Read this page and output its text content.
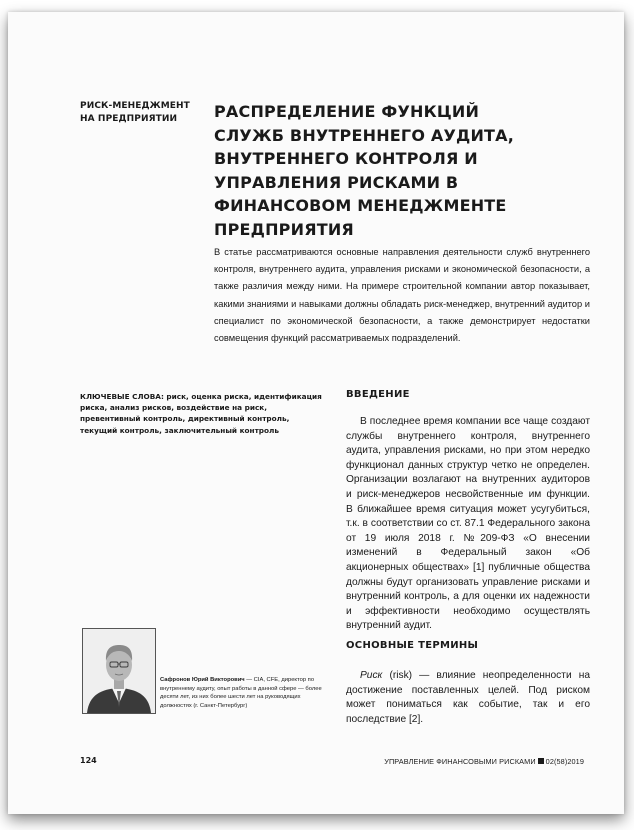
РИСК-МЕНЕДЖМЕНТ
НА ПРЕДПРИЯТИИ	РАСПРЕДЕЛЕНИЕ ФУНКЦИЙ СЛУЖБ ВНУТРЕННЕГО АУДИТА, ВНУТРЕННЕГО КОНТРОЛЯ И УПРАВЛЕНИЯ РИСКАМИ В ФИНАНСОВОМ МЕНЕДЖМЕНТЕ ПРЕДПРИЯТИЯ

В статье рассматриваются основные направления деятельности служб внутреннего контроля, внутреннего аудита, управления рисками и экономической безопасности, а также различия между ними. На примере строительной компании автор показывает, какими знаниями и навыками должны обладать риск-менеджер, внутренний аудитор и специалист по экономической безопасности, а также демонстрирует недостатки совмещения функций рассматриваемых подразделений.

КЛЮЧЕВЫЕ СЛОВА: риск, оценка риска, идентификация риска, анализ рисков, воздействие на риск, превентивный контроль, директивный контроль, текущий контроль, заключительный контроль

ВВЕДЕНИЕ

В последнее время компании все чаще создают службы внутреннего контроля, внутреннего аудита, управления рисками, но при этом нередко функционал данных структур четко не определен. Организации возлагают на внутренних аудиторов и риск-менеджеров несвойственные им функции. В ближайшее время ситуация может усугубиться, т.к. в соответствии со ст. 87.1 Федерального закона от 19 июля 2018 г. №209-ФЗ «О внесении изменений в Федеральный закон «Об акционерных обществах» [1] публичные общества должны будут организовать управление рисками и внутренний контроль, а для оценки их надежности и эффективности необходимо осуществлять внутренний аудит.

Сафронов Юрий Викторович — CIA, CFE, директор по внутреннему аудиту, опыт работы в данной сфере — более десяти лет, из них более шести лет на руководящих должностях (г. Санкт-Петербург)

ОСНОВНЫЕ ТЕРМИНЫ

Риск (risk) — влияние неопределенности на достижение поставленных целей. Под риском может пониматься как событие, так и его последствие [2].

124	УПРАВЛЕНИЕ ФИНАНСОВЫМИ РИСКАМИ 02(58)2019
